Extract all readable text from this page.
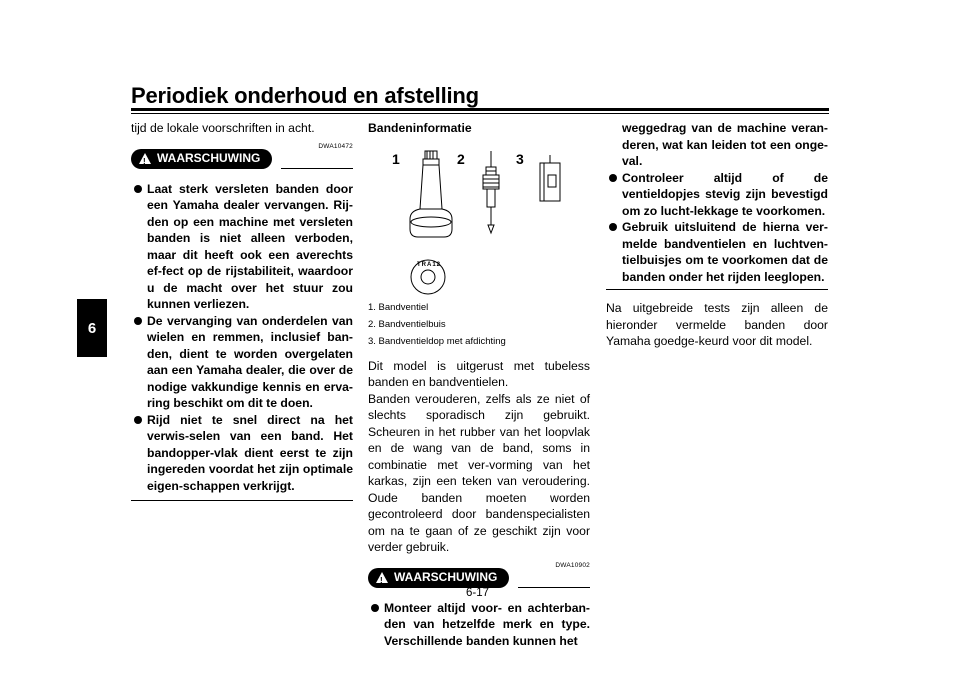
Periodiek onderhoud en afstelling
6

tijd de lokale voorschriften in acht.

DWA10472
!
WAARSCHUWING
Laat sterk versleten banden door een Yamaha dealer vervangen. Rij-den op een machine met versleten banden is niet alleen verboden, maar dit heeft ook een averechts ef-fect op de rijstabiliteit, waardoor u de macht over het stuur zou kunnen verliezen.
De vervanging van onderdelen van wielen en remmen, inclusief ban-den, dient te worden overgelaten aan een Yamaha dealer, die over de nodige vakkundige kennis en erva-ring beschikt om dit te doen.
Rijd niet te snel direct na het verwis-selen van een band. Het bandopper-vlak dient eerst te zijn ingereden voordat het zijn optimale eigen-schappen verkrijgt.

Bandeninformatie

1	2	3
TRA12
1. Bandventiel
2. Bandventielbuis
3. Bandventieldop met afdichting

Dit model is uitgerust met tubeless banden en bandventielen.

Banden verouderen, zelfs als ze niet of slechts sporadisch zijn gebruikt. Scheuren in het rubber van het loopvlak en de wang van de band, soms in combinatie met ver-vorming van het karkas, zijn een teken van veroudering. Oude banden moeten worden gecontroleerd door bandenspecialisten om na te gaan of ze geschikt zijn voor verder gebruik.

DWA10902
!
WAARSCHUWING
Monteer altijd voor- en achterban-den van hetzelfde merk en type. Verschillende banden kunnen het
weggedrag van de machine veran-deren, wat kan leiden tot een onge-val.
Controleer altijd of de ventieldopjes stevig zijn bevestigd om zo lucht-lekkage te voorkomen.
Gebruik uitsluitend de hierna ver-melde bandventielen en luchtven-tielbuisjes om te voorkomen dat de banden onder het rijden leeglopen.

Na uitgebreide tests zijn alleen de hieronder vermelde banden door Yamaha goedge-keurd voor dit model.

6-17
